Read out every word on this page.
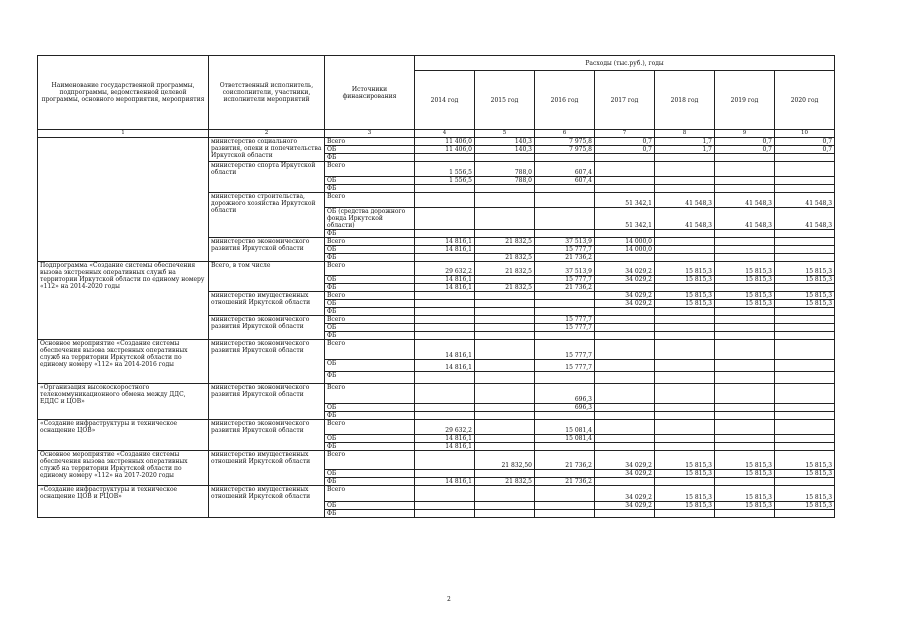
Наименование государственной программы, подпрограммы, ведомственной целевой программы, основного мероприятия, мероприятия	Ответственный исполнитель, соисполнители, участники, исполнители мероприятий	Источники финансирования	Расходы (тыс.руб.), годы						
			2014 год	2015 год	2016 год	2017 год	2018 год	2019 год	2020 год
1	2	3	4	5	6	7	8	9	10
	министерство социального развития, опеки и попечительства Иркутской области	Всего	11 406,0	140,3	7 975,8	0,7	1,7	0,7	0,7
		ОБ	11 406,0	140,3	7 975,8	0,7	1,7	0,7	0,7
		ФБ							
	министерство спорта Иркутской области	Всего	1 556,5	788,0	607,4				
		ОБ	1 556,5	788,0	607,4				
		ФБ							
	министерство строительства, дорожного хозяйства Иркутской области	Всего				51 342,1	41 548,3	41 548,3	41 548,3
		ОБ (средства дорожного фонда Иркутской области)				51 342,1	41 548,3	41 548,3	41 548,3
		ФБ							
	министерство экономического развития Иркутской области	Всего	14 816,1	21 832,5	37 513,9	14 000,0			
		ОБ	14 816,1		15 777,7	14 000,0			
		ФБ		21 832,5	21 736,2				
Подпрограмма «Создание системы обеспечения вызова экстренных оперативных служб на территории Иркутской области по единому номеру «112» на 2014-2020 годы	Всего, в том числе	Всего	29 632,2	21 832,5	37 513,9	34 029,2	15 815,3	15 815,3	15 815,3
		ОБ	14 816,1		15 777,7	34 029,2	15 815,3	15 815,3	15 815,3
		ФБ	14 816,1	21 832,5	21 736,2				
	министерство имущественных отношений Иркутской области	Всего				34 029,2	15 815,3	15 815,3	15 815,3
		ОБ				34 029,2	15 815,3	15 815,3	15 815,3
		ФБ							
	министерство экономического развития Иркутской области	Всего			15 777,7				
		ОБ			15 777,7				
		ФБ							
Основное мероприятие «Создание системы обеспечения вызова экстренных оперативных служб на территории Иркутской области по единому номеру «112» на 2014-2016 годы	министерство экономического развития Иркутской области	Всего	14 816,1		15 777,7				
		ОБ	14 816,1		15 777,7				
		ФБ							
«Организация высокоскоростного телекоммуникационного обмена между ДДС, ЕДДС и ЦОВ»	министерство экономического развития Иркутской области	Всего			696,3				
		ОБ			696,3				
		ФБ							
«Создание инфраструктуры и техническое оснащение ЦОВ»	министерство экономического развития Иркутской области	Всего	29 632,2		15 081,4				
		ОБ	14 816,1		15 081,4				
		ФБ	14 816,1						
Основное мероприятие «Создание системы обеспечения вызова экстренных оперативных служб на территории Иркутской области по единому номеру «112» на 2017-2020 годы	министерство имущественных отношений Иркутской области	Всего		21 832,50	21 736,2	34 029,2	15 815,3	15 815,3	15 815,3
		ОБ				34 029,2	15 815,3	15 815,3	15 815,3
		ФБ	14 816,1	21 832,5	21 736,2				
«Создание инфраструктуры и техническое оснащение ЦОВ и РЦОВ»	министерство имущественных отношений Иркутской области	Всего				34 029,2	15 815,3	15 815,3	15 815,3
		ОБ				34 029,2	15 815,3	15 815,3	15 815,3
		ФБ							
2
